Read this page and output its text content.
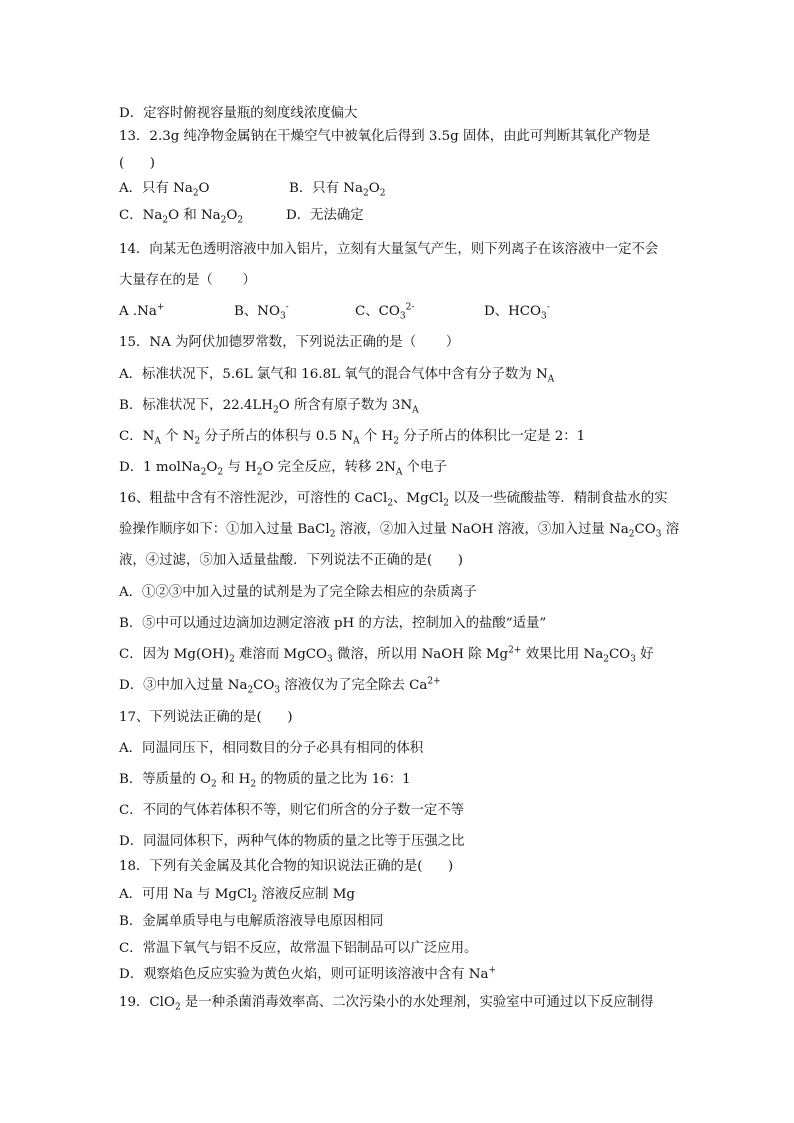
D．定容时俯视容量瓶的刻度线浓度偏大
13．2.3g 纯净物金属钠在干燥空气中被氧化后得到 3.5g 固体，由此可判断其氧化产物是
(      )
A．只有 $Na_2O$	B．只有 $Na_2O_2$
C．$Na_2O$ 和 $Na_2O_2$	D．无法确定
14．向某无色透明溶液中加入铝片，立刻有大量氢气产生，则下列离子在该溶液中一定不会
大量存在的是（       ）
A .Na+	B、$NO_3^-$	C、$CO_3^{2-}$	D、$HCO_3^-$
15．NA 为阿伏加德罗常数，下列说法正确的是（       ）
A．标准状况下，5.6L 氯气和 16.8L 氧气的混合气体中含有分子数为 $N_A$
B．标准状况下，$22.4LH_2O$ 所含有原子数为 $3N_A$
C．$N_A$ 个 $N_2$ 分子所占的体积与 0.5 $N_A$ 个 $H_2$ 分子所占的体积比一定是 2：1
D．1 $molNa_2O_2$ 与 $H_2O$ 完全反应，转移 $2N_A$ 个电子
16、粗盐中含有不溶性泥沙，可溶性的 CaCl$_2$、MgCl$_2$ 以及一些硫酸盐等．精制食盐水的实
验操作顺序如下：①加入过量 BaCl$_2$ 溶液，②加入过量 NaOH 溶液，③加入过量 $Na_2CO_3$ 溶
液，④过滤，⑤加入适量盐酸．下列说法不正确的是(      )
A．①②③中加入过量的试剂是为了完全除去相应的杂质离子
B．⑤中可以通过边滴加边测定溶液 pH 的方法，控制加入的盐酸“适量”
C．因为 $Mg(OH)_2$ 难溶而 MgCO$_3$ 微溶，所以用 NaOH 除 $Mg^{2+}$ 效果比用 $Na_2CO_3$ 好
D．③中加入过量 $Na_2CO_3$ 溶液仅为了完全除去 $Ca^{2+}$
17、下列说法正确的是(      )
A．同温同压下，相同数目的分子必具有相同的体积
B．等质量的 $O_2$ 和 $H_2$ 的物质的量之比为 16：1
C．不同的气体若体积不等，则它们所含的分子数一定不等
D．同温同体积下，两种气体的物质的量之比等于压强之比
18．下列有关金属及其化合物的知识说法正确的是(      )
A．可用 Na 与 MgCl$_2$ 溶液反应制 Mg
B．金属单质导电与电解质溶液导电原因相同
C．常温下氧气与铝不反应，故常温下铝制品可以广泛应用。
D．观察焰色反应实验为黄色火焰，则可证明该溶液中含有 Na+
19．ClO$_2$ 是一种杀菌消毒效率高、二次污染小的水处理剂，实验室中可通过以下反应制得
